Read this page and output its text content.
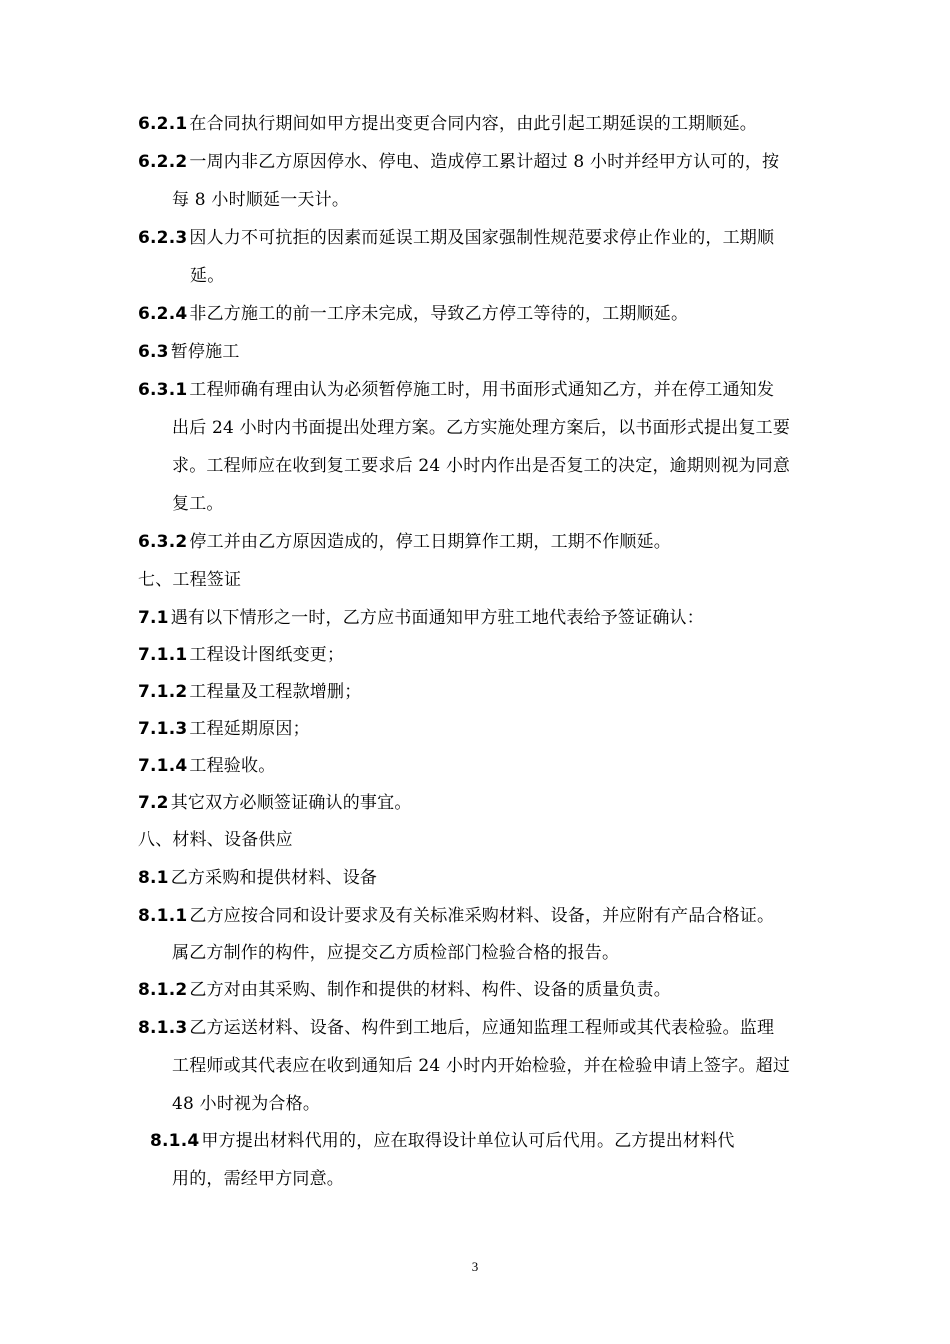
6.2.1 在合同执行期间如甲方提出变更合同内容，由此引起工期延误的工期顺延。
6.2.2 一周内非乙方原因停水、停电、造成停工累计超过 8 小时并经甲方认可的，按
每 8 小时顺延一天计。
6.2.3 因人力不可抗拒的因素而延误工期及国家强制性规范要求停止作业的，工期顺
延。
6.2.4 非乙方施工的前一工序未完成，导致乙方停工等待的，工期顺延。
6.3 暂停施工
6.3.1 工程师确有理由认为必须暂停施工时，用书面形式通知乙方，并在停工通知发
出后 24 小时内书面提出处理方案。乙方实施处理方案后，以书面形式提出复工要
求。工程师应在收到复工要求后 24 小时内作出是否复工的决定，逾期则视为同意
复工。
6.3.2 停工并由乙方原因造成的，停工日期算作工期，工期不作顺延。
七、工程签证
7.1 遇有以下情形之一时，乙方应书面通知甲方驻工地代表给予签证确认：
7.1.1 工程设计图纸变更；
7.1.2 工程量及工程款增删；
7.1.3 工程延期原因；
7.1.4 工程验收。
7.2 其它双方必顺签证确认的事宜。
八、材料、设备供应
8.1 乙方采购和提供材料、设备
8.1.1 乙方应按合同和设计要求及有关标准采购材料、设备，并应附有产品合格证。
属乙方制作的构件，应提交乙方质检部门检验合格的报告。
8.1.2 乙方对由其采购、制作和提供的材料、构件、设备的质量负责。
8.1.3 乙方运送材料、设备、构件到工地后，应通知监理工程师或其代表检验。监理
工程师或其代表应在收到通知后 24 小时内开始检验，并在检验申请上签字。超过
48 小时视为合格。
8.1.4 甲方提出材料代用的，应在取得设计单位认可后代用。乙方提出材料代
用的，需经甲方同意。
3
